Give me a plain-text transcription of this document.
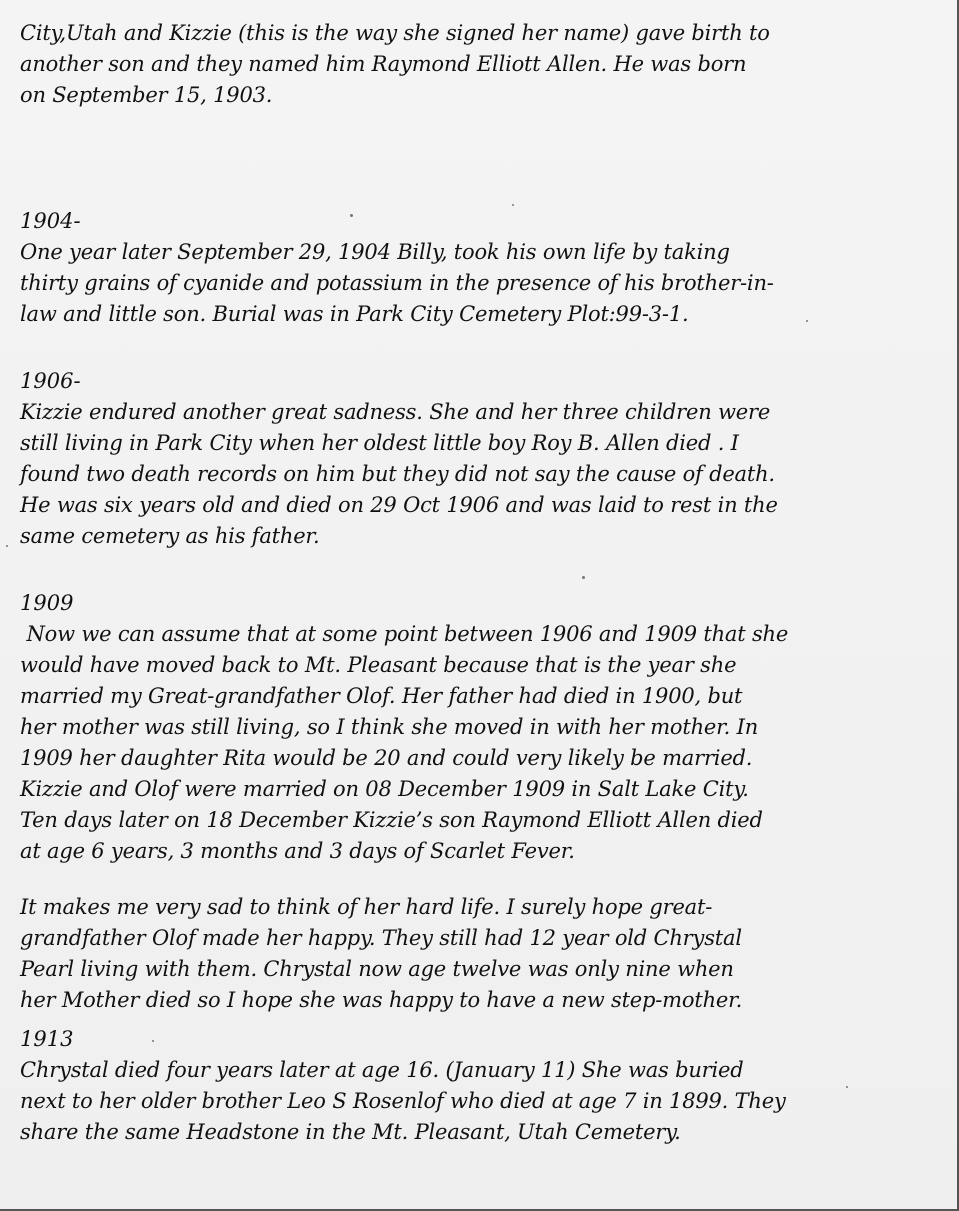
City,Utah and Kizzie (this is the way she signed her name) gave birth to
another son and they named him Raymond Elliott Allen. He was born
on September 15, 1903.
1904-
One year later September 29, 1904 Billy, took his own life by taking
thirty grains of cyanide and potassium in the presence of his brother-in-
law and little son. Burial was in Park City Cemetery Plot:99-3-1.
1906-
Kizzie endured another great sadness. She and her three children were
still living in Park City when her oldest little boy Roy B. Allen died . I
found two death records on him but they did not say the cause of death.
He was six years old and died on 29 Oct 1906 and was laid to rest in the
same cemetery as his father.
1909
Now we can assume that at some point between 1906 and 1909 that she
would have moved back to Mt. Pleasant because that is the year she
married my Great-grandfather Olof. Her father had died in 1900, but
her mother was still living, so I think she moved in with her mother. In
1909 her daughter Rita would be 20 and could very likely be married.
Kizzie and Olof were married on 08 December 1909 in Salt Lake City.
Ten days later on 18 December Kizzie’s son Raymond Elliott Allen died
at age 6 years, 3 months and 3 days of Scarlet Fever.
It makes me very sad to think of her hard life. I surely hope great-
grandfather Olof made her happy. They still had 12 year old Chrystal
Pearl living with them. Chrystal now age twelve was only nine when
her Mother died so I hope she was happy to have a new step-mother.
1913
Chrystal died four years later at age 16. (January 11) She was buried
next to her older brother Leo S Rosenlof who died at age 7 in 1899. They
share the same Headstone in the Mt. Pleasant, Utah Cemetery.
